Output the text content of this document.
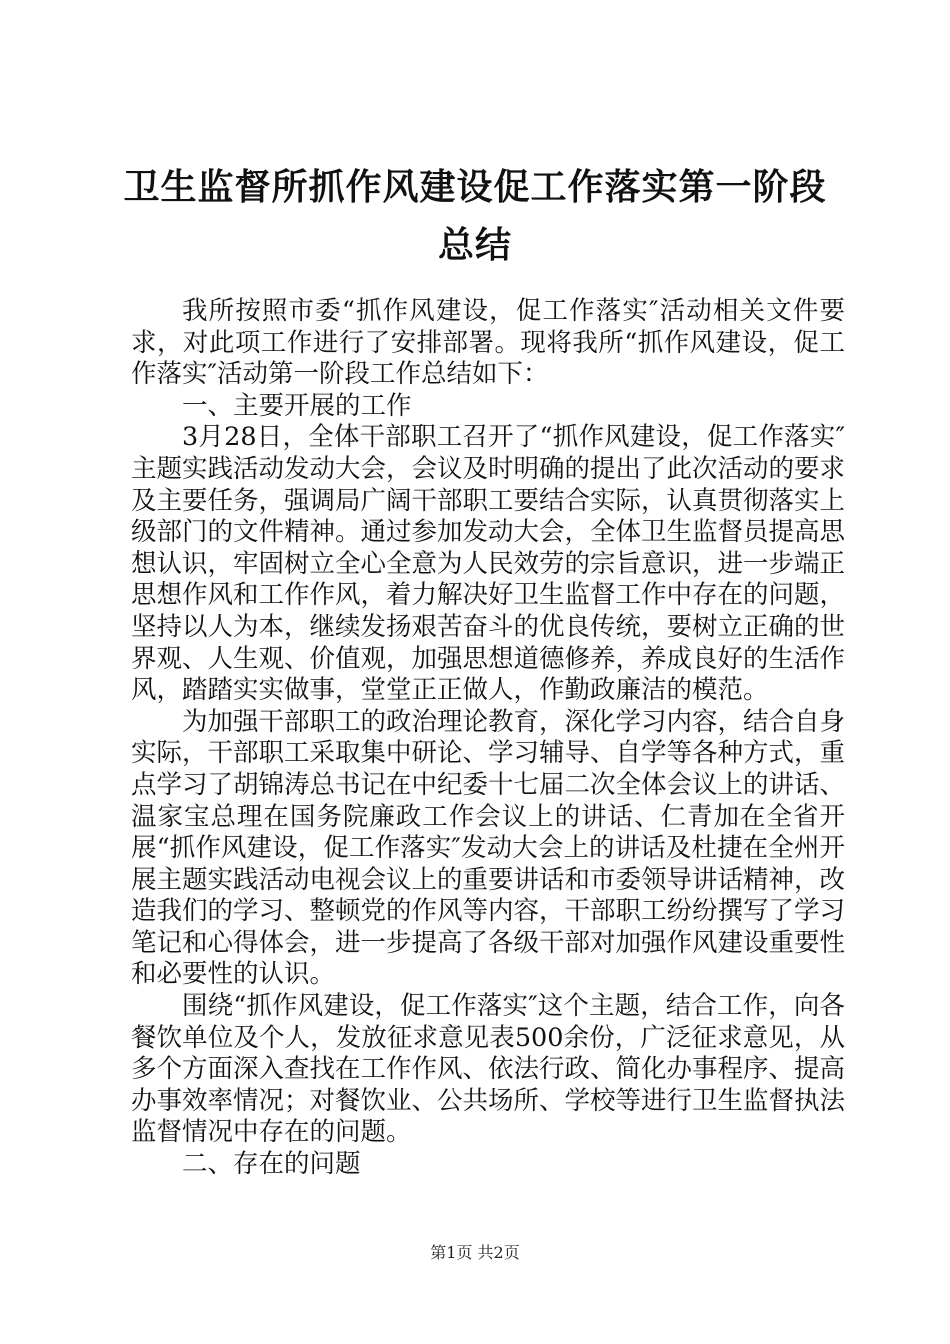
卫生监督所抓作风建设促工作落实第一阶段总结

我所按照市委“抓作风建设，促工作落实″活动相关文件要求，对此项工作进行了安排部署。现将我所“抓作风建设，促工作落实″活动第一阶段工作总结如下：

一、主要开展的工作

3月28日，全体干部职工召开了“抓作风建设，促工作落实″主题实践活动发动大会，会议及时明确的提出了此次活动的要求及主要任务，强调局广阔干部职工要结合实际，认真贯彻落实上级部门的文件精神。通过参加发动大会，全体卫生监督员提高思想认识，牢固树立全心全意为人民效劳的宗旨意识，进一步端正思想作风和工作作风，着力解决好卫生监督工作中存在的问题，坚持以人为本，继续发扬艰苦奋斗的优良传统，要树立正确的世界观、人生观、价值观，加强思想道德修养，养成良好的生活作风，踏踏实实做事，堂堂正正做人，作勤政廉洁的模范。

为加强干部职工的政治理论教育，深化学习内容，结合自身实际，干部职工采取集中研论、学习辅导、自学等各种方式，重点学习了胡锦涛总书记在中纪委十七届二次全体会议上的讲话、温家宝总理在国务院廉政工作会议上的讲话、仁青加在全省开展“抓作风建设，促工作落实″发动大会上的讲话及杜捷在全州开展主题实践活动电视会议上的重要讲话和市委领导讲话精神，改造我们的学习、整顿党的作风等内容，干部职工纷纷撰写了学习笔记和心得体会，进一步提高了各级干部对加强作风建设重要性和必要性的认识。

围绕“抓作风建设，促工作落实″这个主题，结合工作，向各餐饮单位及个人，发放征求意见表500余份，广泛征求意见，从多个方面深入查找在工作作风、依法行政、简化办事程序、提高办事效率情况；对餐饮业、公共场所、学校等进行卫生监督执法监督情况中存在的问题。

二、存在的问题

第1页 共2页
